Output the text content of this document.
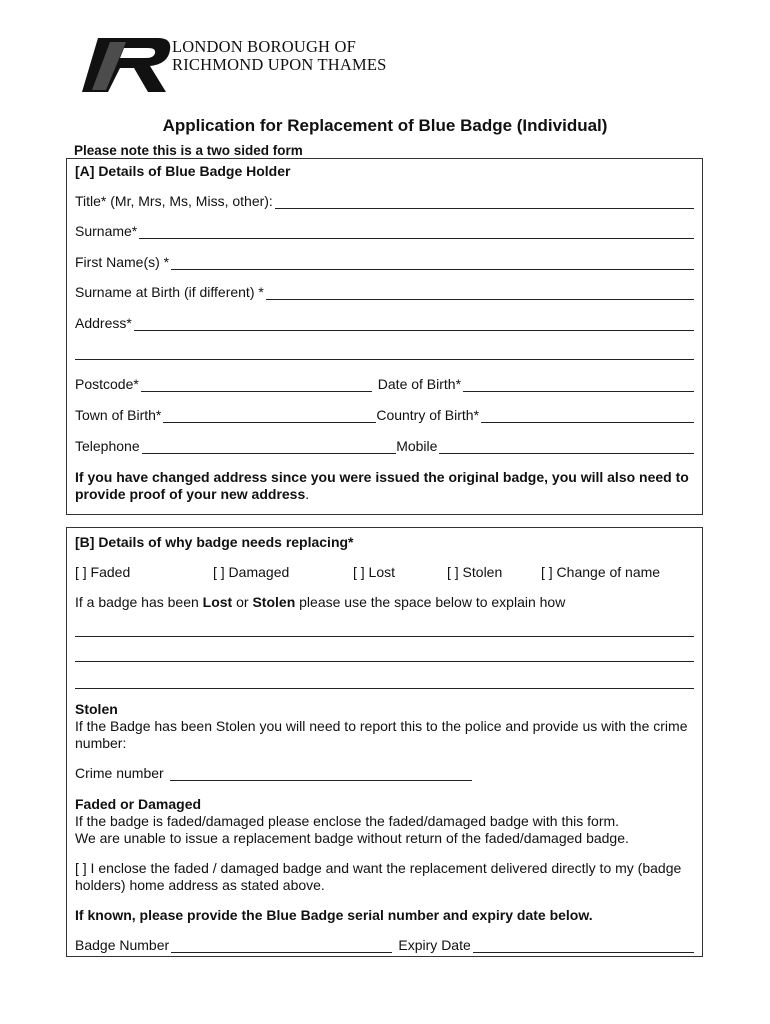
LONDON BOROUGH OF
RICHMOND UPON THAMES
Application for Replacement of Blue Badge (Individual)
Please note this is a two sided form
[A] Details of Blue Badge Holder
Title* (Mr, Mrs, Ms, Miss, other):
Surname*
First Name(s) *
Surname at Birth (if different) *
Address*
Postcode*	Date of Birth*
Town of Birth*	Country of Birth*
Telephone	Mobile
If you have changed address since you were issued the original badge, you will also need to provide proof of your new address.
[B] Details of why badge needs replacing*
[ ] Faded	[ ] Damaged	[ ] Lost	[ ] Stolen	[ ] Change of name
If a badge has been Lost or Stolen please use the space below to explain how
Stolen
If the Badge has been Stolen you will need to report this to the police and provide us with the crime number:
Crime number
Faded or Damaged
If the badge is faded/damaged please enclose the faded/damaged badge with this form.
We are unable to issue a replacement badge without return of the faded/damaged badge.
[ ] I enclose the faded / damaged badge and want the replacement delivered directly to my (badge holders) home address as stated above.
If known, please provide the Blue Badge serial number and expiry date below.
Badge Number	Expiry Date
